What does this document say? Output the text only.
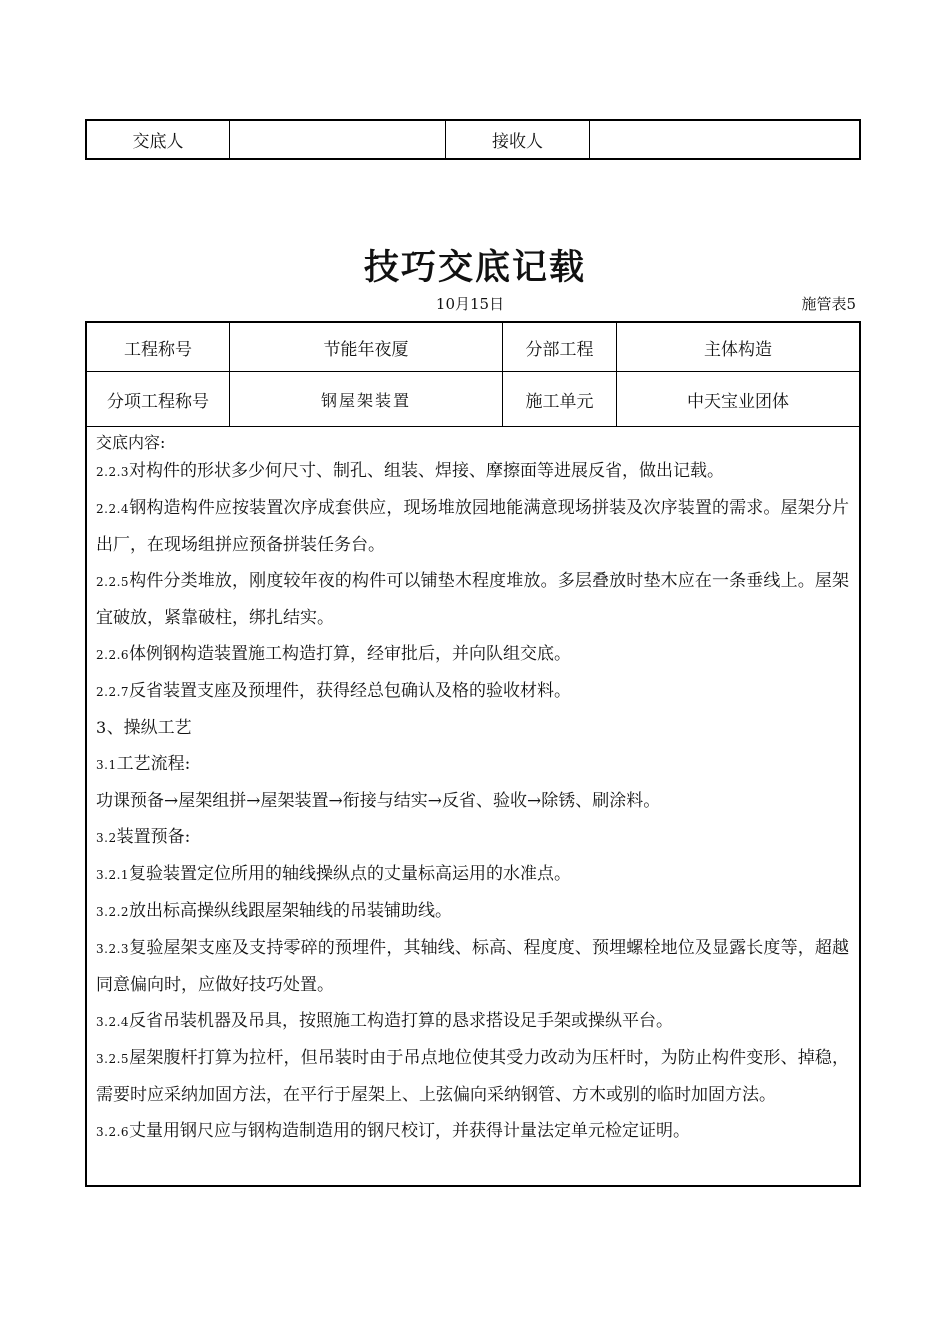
交底人	接收人
技巧交底记载
10月15日	施管表5
工程称号	节能年夜厦	分部工程	主体构造
分项工程称号	钢屋架装置	施工单元	中天宝业团体
交底内容:
2.2.3对构件的形状多少何尺寸、制孔、组装、焊接、摩擦面等进展反省，做出记载。
2.2.4钢构造构件应按装置次序成套供应，现场堆放园地能满意现场拼装及次序装置的需求。屋架分片出厂，在现场组拼应预备拼装任务台。
2.2.5构件分类堆放，刚度较年夜的构件可以铺垫木程度堆放。多层叠放时垫木应在一条垂线上。屋架宜破放，紧靠破柱，绑扎结实。
2.2.6体例钢构造装置施工构造打算，经审批后，并向队组交底。
2.2.7反省装置支座及预埋件，获得经总包确认及格的验收材料。
3、操纵工艺
3.1工艺流程:
功课预备→屋架组拼→屋架装置→衔接与结实→反省、验收→除锈、刷涂料。
3.2装置预备:
3.2.1复验装置定位所用的轴线操纵点的丈量标高运用的水准点。
3.2.2放出标高操纵线跟屋架轴线的吊装铺助线。
3.2.3复验屋架支座及支持零碎的预埋件，其轴线、标高、程度度、预埋螺栓地位及显露长度等，超越同意偏向时，应做好技巧处置。
3.2.4反省吊装机器及吊具，按照施工构造打算的恳求搭设足手架或操纵平台。
3.2.5屋架腹杆打算为拉杆，但吊装时由于吊点地位使其受力改动为压杆时，为防止构件变形、掉稳，需要时应采纳加固方法，在平行于屋架上、上弦偏向采纳钢管、方木或别的临时加固方法。
3.2.6丈量用钢尺应与钢构造制造用的钢尺校订，并获得计量法定单元检定证明。
